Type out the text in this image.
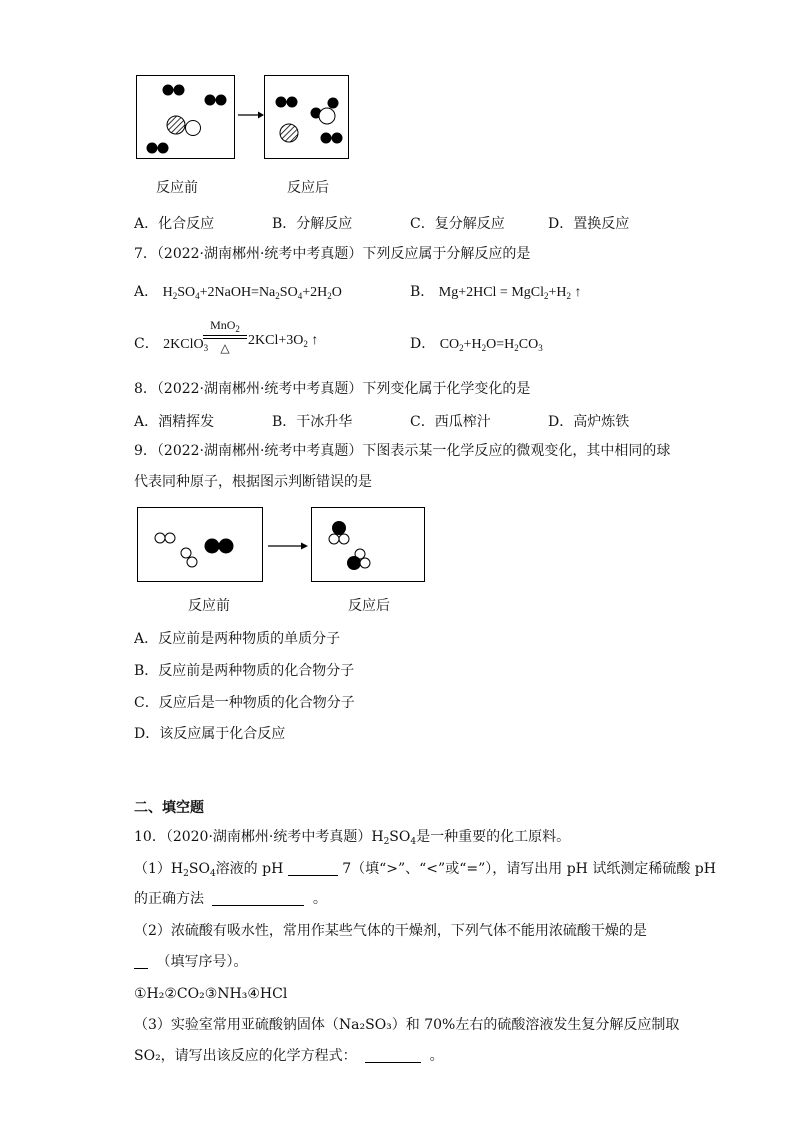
反应前	反应后
A．化合反应	B．分解反应	C．复分解反应	D．置换反应
7．（2022·湖南郴州·统考中考真题）下列反应属于分解反应的是
A． $H_2SO_4+2NaOH=Na_2SO_4+2H_2O$	B． $Mg+2HCl = MgCl_2+H_2$ ↑
C． 2KClO$_3$
MnO$_2$
△	$2KCl+3O_2$ ↑	D． $CO_2+H_2O=H_2CO_3$
8．（2022·湖南郴州·统考中考真题）下列变化属于化学变化的是
A．酒精挥发	B．干冰升华	C．西瓜榨汁	D．高炉炼铁
9．（2022·湖南郴州·统考中考真题）下图表示某一化学反应的微观变化，其中相同的球
代表同种原子，根据图示判断错误的是
反应前	反应后
A．反应前是两种物质的单质分子
B．反应前是两种物质的化合物分子
C．反应后是一种物质的化合物分子
D．该反应属于化合反应
二、填空题
10．（2020·湖南郴州·统考中考真题）$H_2SO_4$是一种重要的化工原料。
$(1)H_2SO_4$溶液的 pH	7（填“>”、“<”或“=”），请写出用 pH 试纸测定稀硫酸 pH
的正确方法	。
（2）浓硫酸有吸水性，常用作某些气体的干燥剂，下列气体不能用浓硫酸干燥的是
（填写序号）。
①H₂②CO₂③NH₃④HCl
（3）实验室常用亚硫酸钠固体（Na₂SO₃）和 70%左右的硫酸溶液发生复分解反应制取
SO₂，请写出该反应的化学方程式：	。
